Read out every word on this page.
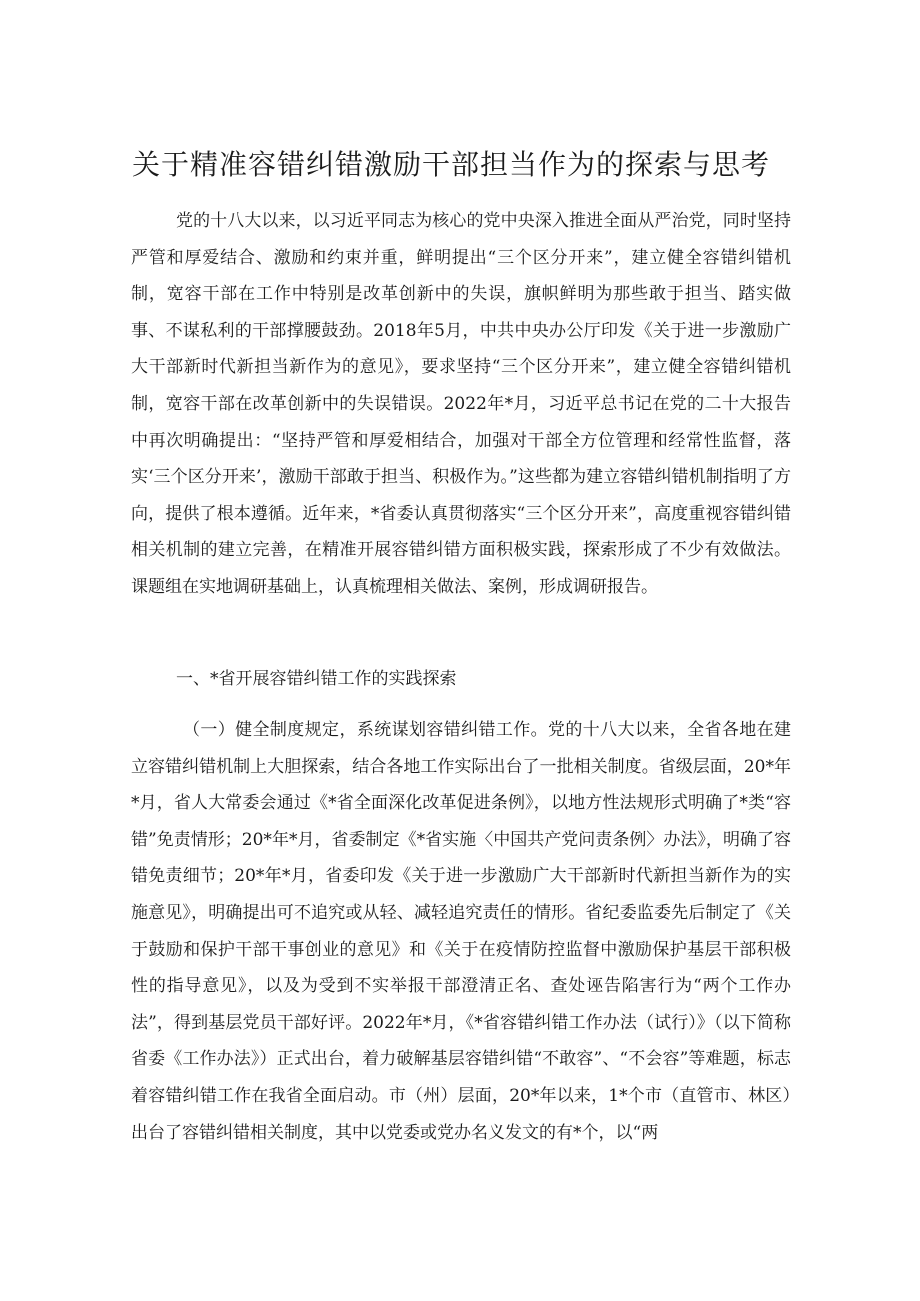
关于精准容错纠错激励干部担当作为的探索与思考

党的十八大以来，以习近平同志为核心的党中央深入推进全面从严治党，同时坚持严管和厚爱结合、激励和约束并重，鲜明提出“三个区分开来”，建立健全容错纠错机制，宽容干部在工作中特别是改革创新中的失误，旗帜鲜明为那些敢于担当、踏实做事、不谋私利的干部撑腰鼓劲。2018年5月，中共中央办公厅印发《关于进一步激励广大干部新时代新担当新作为的意见》，要求坚持“三个区分开来”，建立健全容错纠错机制，宽容干部在改革创新中的失误错误。2022年*月，习近平总书记在党的二十大报告中再次明确提出：“坚持严管和厚爱相结合，加强对干部全方位管理和经常性监督，落实‘三个区分开来’，激励干部敢于担当、积极作为。”这些都为建立容错纠错机制指明了方向，提供了根本遵循。近年来，*省委认真贯彻落实“三个区分开来”，高度重视容错纠错相关机制的建立完善，在精准开展容错纠错方面积极实践，探索形成了不少有效做法。课题组在实地调研基础上，认真梳理相关做法、案例，形成调研报告。

一、*省开展容错纠错工作的实践探索

（一）健全制度规定，系统谋划容错纠错工作。党的十八大以来，全省各地在建立容错纠错机制上大胆探索，结合各地工作实际出台了一批相关制度。省级层面，20*年*月，省人大常委会通过《*省全面深化改革促进条例》，以地方性法规形式明确了*类“容错”免责情形；20*年*月，省委制定《*省实施〈中国共产党问责条例〉办法》，明确了容错免责细节；20*年*月，省委印发《关于进一步激励广大干部新时代新担当新作为的实施意见》，明确提出可不追究或从轻、减轻追究责任的情形。省纪委监委先后制定了《关于鼓励和保护干部干事创业的意见》和《关于在疫情防控监督中激励保护基层干部积极性的指导意见》，以及为受到不实举报干部澄清正名、查处诬告陷害行为“两个工作办法”，得到基层党员干部好评。2022年*月，《*省容错纠错工作办法（试行）》（以下简称省委《工作办法》）正式出台，着力破解基层容错纠错“不敢容”、“不会容”等难题，标志着容错纠错工作在我省全面启动。市（州）层面，20*年以来，1*个市（直管市、林区）出台了容错纠错相关制度，其中以党委或党办名义发文的有*个，以“两
